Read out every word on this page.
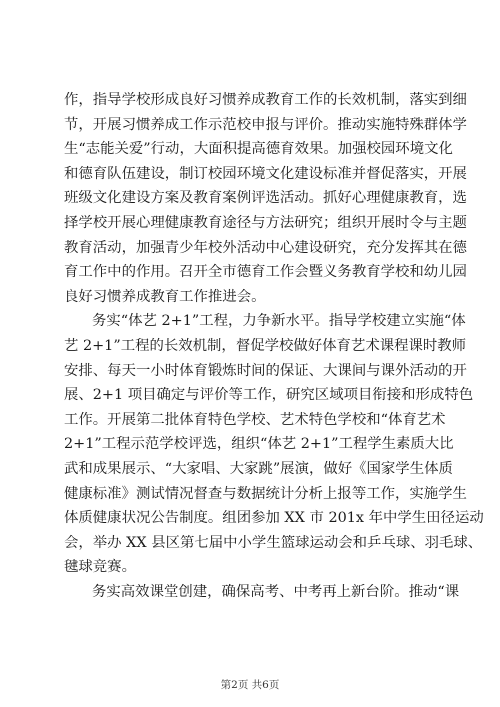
作，指导学校形成良好习惯养成教育工作的长效机制，落实到细
节，开展习惯养成工作示范校申报与评价。推动实施特殊群体学
生“志能关爱”行动，大面积提高德育效果。加强校园环境文化
和德育队伍建设，制订校园环境文化建设标准并督促落实，开展
班级文化建设方案及教育案例评选活动。抓好心理健康教育，选
择学校开展心理健康教育途径与方法研究；组织开展时令与主题
教育活动，加强青少年校外活动中心建设研究，充分发挥其在德
育工作中的作用。召开全市德育工作会暨义务教育学校和幼儿园
良好习惯养成教育工作推进会。
务实“体艺 2+1”工程，力争新水平。指导学校建立实施“体
艺 2+1”工程的长效机制，督促学校做好体育艺术课程课时教师
安排、每天一小时体育锻炼时间的保证、大课间与课外活动的开
展、2+1 项目确定与评价等工作，研究区域项目衔接和形成特色
工作。开展第二批体育特色学校、艺术特色学校和“体育艺术
2+1”工程示范学校评选，组织“体艺 2+1”工程学生素质大比
武和成果展示、“大家唱、大家跳”展演，做好《国家学生体质
健康标准》测试情况督查与数据统计分析上报等工作，实施学生
体质健康状况公告制度。组团参加 XX 市 201x 年中学生田径运动
会，举办 XX 县区第七届中小学生篮球运动会和乒乓球、羽毛球、
毽球竞赛。
务实高效课堂创建，确保高考、中考再上新台阶。推动“课
第2页 共6页
